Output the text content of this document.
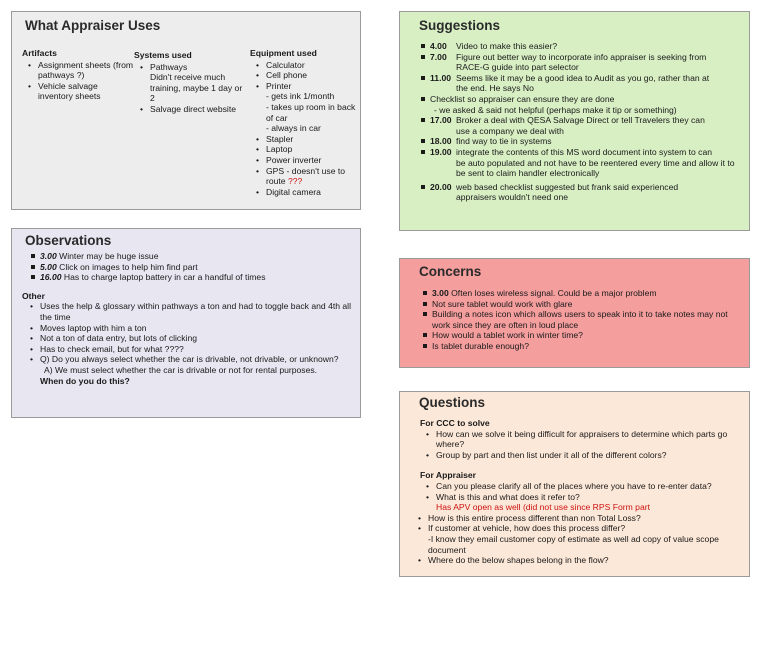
What Appraiser Uses
Artifacts
• Assignment sheets (from pathways ?)
• Vehicle salvage inventory sheets
Systems used
• Pathways
Didn't receive much training, maybe 1 day or 2
• Salvage direct website
Equipment used
• Calculator
• Cell phone
• Printer
- gets ink 1/month
- takes up room in back of car
- always in car
• Stapler
• Laptop
• Power inverter
• GPS - doesn't use to route ???
• Digital camera
Observations
3.00 Winter may be huge issue
5.00 Click on images to help him find part
16.00 Has to charge laptop battery in car a handful of times
Other
• Uses the help & glossary within pathways a ton and had to toggle back and 4th all the time
• Moves laptop with him a ton
• Not a ton of data entry, but lots of clicking
• Has to check email, but for what ????
• Q) Do you always select whether the car is drivable, not drivable, or unknown?
A) We must select whether the car is drivable or not for rental purposes.
When do you do this?
Suggestions
4.00 Video to make this easier?
7.00 Figure out better way to incorporate info appraiser is seeking from
RACE-G guide into part selector
11.00 Seems like it may be a good idea to Audit as you go, rather than at
the end. He says No
Checklist so appraiser can ensure they are done
- we asked & said not helpful (perhaps make it tip or something)
17.00 Broker a deal with QESA Salvage Direct or tell Travelers they can
use a company we deal with
18.00 find way to tie in systems
19.00 integrate the contents of this MS word document into system to can
be auto populated and not have to be reentered every time and allow it to be sent to claim handler electronically
20.00 web based checklist suggested but frank said experienced
appraisers wouldn't need one
Concerns
3.00 Often loses wireless signal. Could be a major problem
Not sure tablet would work with glare
Building a notes icon which allows users to speak into it to take notes may not work since they are often in loud place
How would a tablet work in winter time?
Is tablet durable enough?
Questions
For CCC to solve
• How can we solve it being difficult for appraisers to determine which parts go where?
• Group by part and then list under it all of the different colors?
For Appraiser
• Can you please clarify all of the places where you have to re-enter data?
• What is this and what does it refer to?
Has APV open as well (did not use since RPS Form part
• How is this entire process different than non Total Loss?
• If customer at vehicle, how does this process differ?
-I know they email customer copy of estimate as well ad copy of value scope document
• Where do the below shapes belong in the flow?
